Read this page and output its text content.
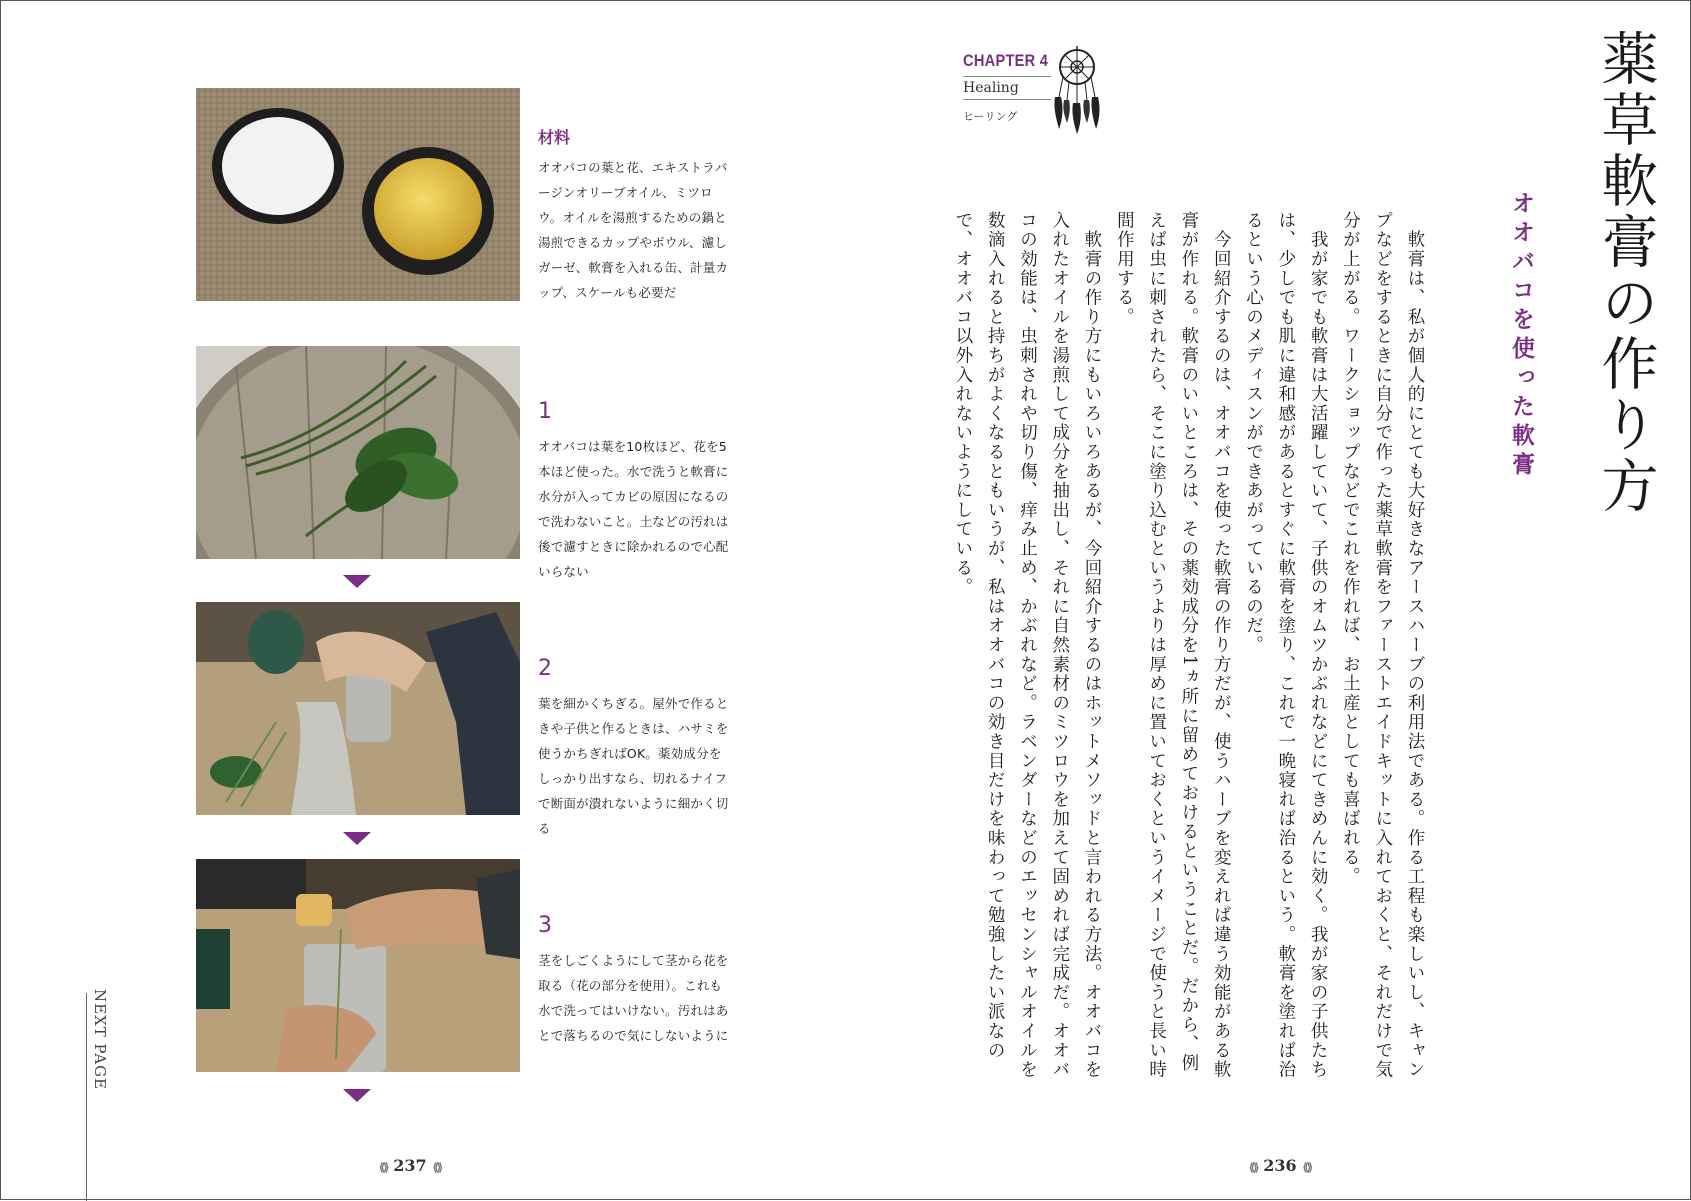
材料

オオバコの葉と花、エキストラバージンオリーブオイル、ミツロウ。オイルを湯煎するための鍋と湯煎できるカップやボウル、濾しガーゼ、軟膏を入れる缶、計量カップ、スケールも必要だ

1

オオバコは葉を10枚ほど、花を5本ほど使った。水で洗うと軟膏に水分が入ってカビの原因になるので洗わないこと。土などの汚れは後で濾すときに除かれるので心配いらない

2

葉を細かくちぎる。屋外で作るときや子供と作るときは、ハサミを使うかちぎればOK。薬効成分をしっかり出すなら、切れるナイフで断面が潰れないように細かく切る

3

茎をしごくようにして茎から花を取る（花の部分を使用）。これも水で洗ってはいけない。汚れはあとで落ちるので気にしないように

NEXT PAGE
⟪⟫ 237 ⟪⟫
CHAPTER 4
Healing
ヒーリング	薬草軟膏の作り方
オオバコを使った軟膏

　軟膏は、私が個人的にとても大好きなアースハーブの利用法である。作る工程も楽しいし、キャンプなどをするときに自分で作った薬草軟膏をファーストエイドキットに入れておくと、それだけで気分が上がる。ワークショップなどでこれを作れば、お土産としても喜ばれる。
　我が家でも軟膏は大活躍していて、子供のオムツかぶれなどにてきめんに効く。我が家の子供たちは、少しでも肌に違和感があるとすぐに軟膏を塗り、これで一晩寝れば治るという。軟膏を塗れば治るという心のメディスンができあがっているのだ。
　今回紹介するのは、オオバコを使った軟膏の作り方だが、使うハーブを変えれば違う効能がある軟膏が作れる。軟膏のいいところは、その薬効成分を1ヵ所に留めておけるということだ。だから、例えば虫に刺されたら、そこに塗り込むというよりは厚めに置いておくというイメージで使うと長い時間作用する。
　軟膏の作り方にもいろいろあるが、今回紹介するのはホットメソッドと言われる方法。オオバコを入れたオイルを湯煎して成分を抽出し、それに自然素材のミツロウを加えて固めれば完成だ。オオバコの効能は、虫刺されや切り傷、痒み止め、かぶれなど。ラベンダーなどのエッセンシャルオイルを数滴入れると持ちがよくなるともいうが、私はオオバコの効き目だけを味わって勉強したい派なので、オオバコ以外入れないようにしている。

⟪⟫ 236 ⟪⟫
